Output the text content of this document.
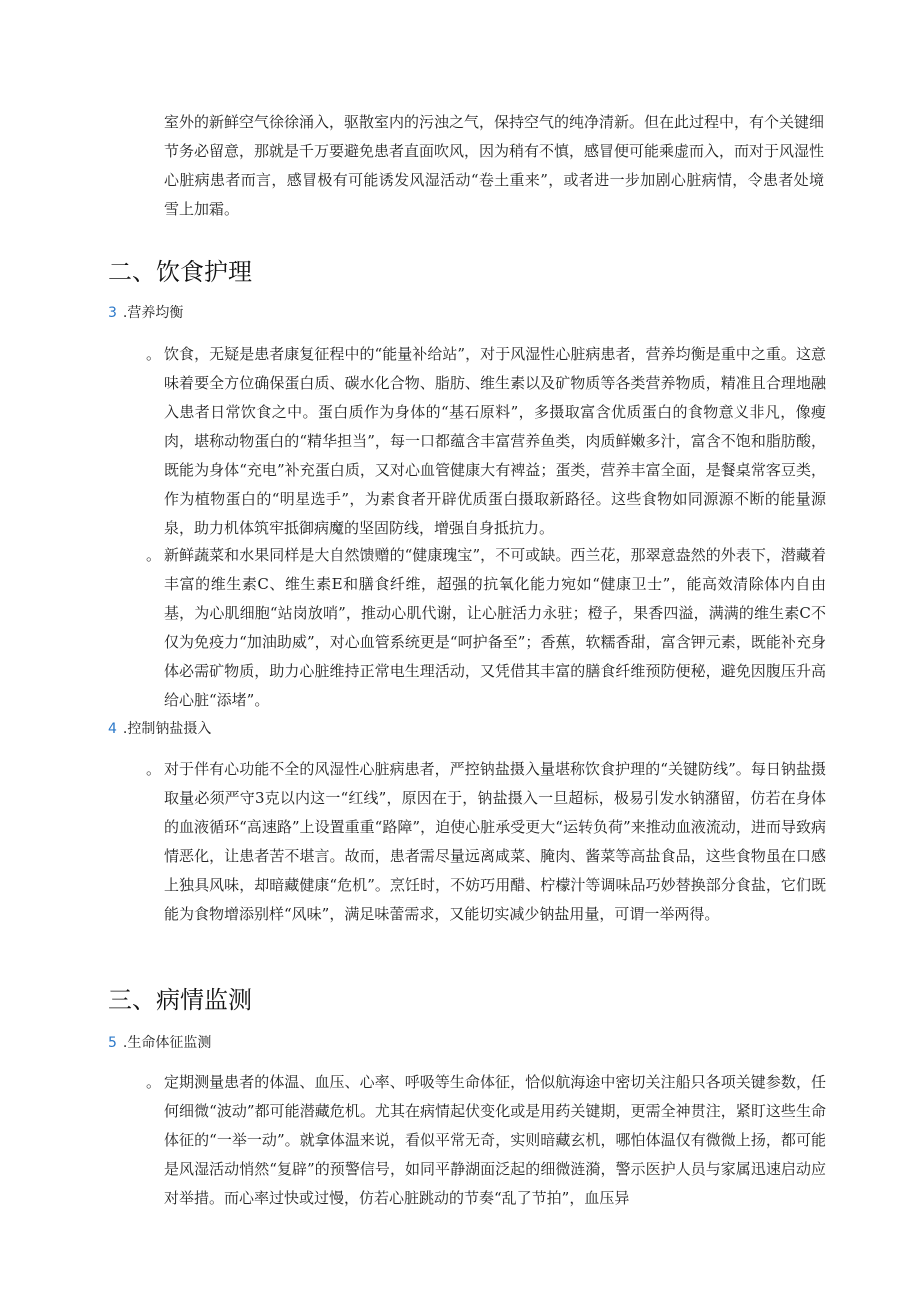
室外的新鲜空气徐徐涌入，驱散室内的污浊之气，保持空气的纯净清新。但在此过程中，有个关键细节务必留意，那就是千万要避免患者直面吹风，因为稍有不慎，感冒便可能乘虚而入，而对于风湿性心脏病患者而言，感冒极有可能诱发风湿活动“卷土重来”，或者进一步加剧心脏病情，令患者处境雪上加霜。

二、饮食护理
3 .营养均衡
。 饮食，无疑是患者康复征程中的“能量补给站”，对于风湿性心脏病患者，营养均衡是重中之重。这意味着要全方位确保蛋白质、碳水化合物、脂肪、维生素以及矿物质等各类营养物质，精准且合理地融入患者日常饮食之中。蛋白质作为身体的“基石原料”，多摄取富含优质蛋白的食物意义非凡，像瘦肉，堪称动物蛋白的“精华担当”，每一口都蕴含丰富营养鱼类，肉质鲜嫩多汁，富含不饱和脂肪酸，既能为身体“充电”补充蛋白质，又对心血管健康大有裨益；蛋类，营养丰富全面，是餐桌常客豆类，作为植物蛋白的“明星选手”，为素食者开辟优质蛋白摄取新路径。这些食物如同源源不断的能量源泉，助力机体筑牢抵御病魔的坚固防线，增强自身抵抗力。
。 新鲜蔬菜和水果同样是大自然馈赠的“健康瑰宝”，不可或缺。西兰花，那翠意盎然的外表下，潜藏着丰富的维生素C、维生素E和膳食纤维，超强的抗氧化能力宛如“健康卫士”，能高效清除体内自由基，为心肌细胞“站岗放哨”，推动心肌代谢，让心脏活力永驻；橙子，果香四溢，满满的维生素C不仅为免疫力“加油助威”，对心血管系统更是“呵护备至”；香蕉，软糯香甜，富含钾元素，既能补充身体必需矿物质，助力心脏维持正常电生理活动，又凭借其丰富的膳食纤维预防便秘，避免因腹压升高给心脏“添堵”。
4 .控制钠盐摄入
。 对于伴有心功能不全的风湿性心脏病患者，严控钠盐摄入量堪称饮食护理的“关键防线”。每日钠盐摄取量必须严守3克以内这一“红线”，原因在于，钠盐摄入一旦超标，极易引发水钠潴留，仿若在身体的血液循环“高速路”上设置重重“路障”，迫使心脏承受更大“运转负荷”来推动血液流动，进而导致病情恶化，让患者苦不堪言。故而，患者需尽量远离咸菜、腌肉、酱菜等高盐食品，这些食物虽在口感上独具风味，却暗藏健康“危机”。烹饪时，不妨巧用醋、柠檬汁等调味品巧妙替换部分食盐，它们既能为食物增添别样“风味”，满足味蕾需求，又能切实减少钠盐用量，可谓一举两得。
三、病情监测
5 .生命体征监测
。 定期测量患者的体温、血压、心率、呼吸等生命体征，恰似航海途中密切关注船只各项关键参数，任何细微“波动”都可能潜藏危机。尤其在病情起伏变化或是用药关键期，更需全神贯注，紧盯这些生命体征的“一举一动”。就拿体温来说，看似平常无奇，实则暗藏玄机，哪怕体温仅有微微上扬，都可能是风湿活动悄然“复辟”的预警信号，如同平静湖面泛起的细微涟漪，警示医护人员与家属迅速启动应对举措。而心率过快或过慢，仿若心脏跳动的节奏“乱了节拍”，血压异
